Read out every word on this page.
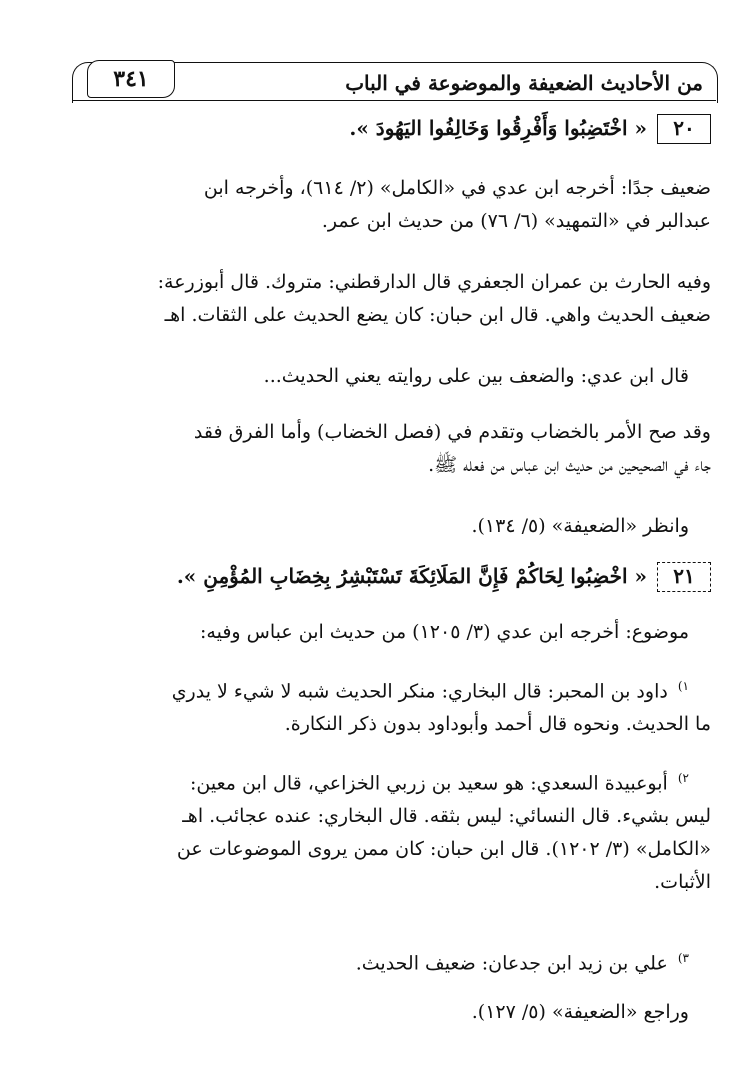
من الأحاديث الضعيفة والموضوعة في الباب
٣٤١
٢٠
« اخْتَضِبُوا وَأَفْرِقُوا وَخَالِفُوا اليَهُودَ ».
ضعيف جدًا: أخرجه ابن عدي في «الكامل» (٢/ ٦١٤)، وأخرجه ابن
عبدالبر في «التمهيد» (٦/ ٧٦) من حديث ابن عمر.
وفيه الحارث بن عمران الجعفري قال الدارقطني: متروك. قال أبوزرعة:
ضعيف الحديث واهي. قال ابن حبان: كان يضع الحديث على الثقات. اهـ
قال ابن عدي: والضعف بين على روايته يعني الحديث...
وقد صح الأمر بالخضاب وتقدم في (فصل الخضاب) وأما الفرق فقد
جاء في الصحيحين من حديث ابن عباس من فعله ﷺ.
وانظر «الضعيفة» (٥/ ١٣٤).
٢١
« اخْضِبُوا لِحَاكُمْ فَإِنَّ المَلَائِكَةَ تَسْتَبْشِرُ بِخِضَابِ المُؤْمِنِ ».
موضوع: أخرجه ابن عدي (٣/ ١٢٠٥) من حديث ابن عباس وفيه:
$^{١)}$ داود بن المحبر: قال البخاري: منكر الحديث شبه لا شيء لا يدري
ما الحديث. ونحوه قال أحمد وأبوداود بدون ذكر النكارة.
$^{٢)}$ أبوعبيدة السعدي: هو سعيد بن زربي الخزاعي، قال ابن معين:
ليس بشيء. قال النسائي: ليس بثقه. قال البخاري: عنده عجائب. اهـ
«الكامل» (٣/ ١٢٠٢). قال ابن حبان: كان ممن يروى الموضوعات عن
الأثبات.
$^{٣)}$ علي بن زيد ابن جدعان: ضعيف الحديث.
وراجع «الضعيفة» (٥/ ١٢٧).
